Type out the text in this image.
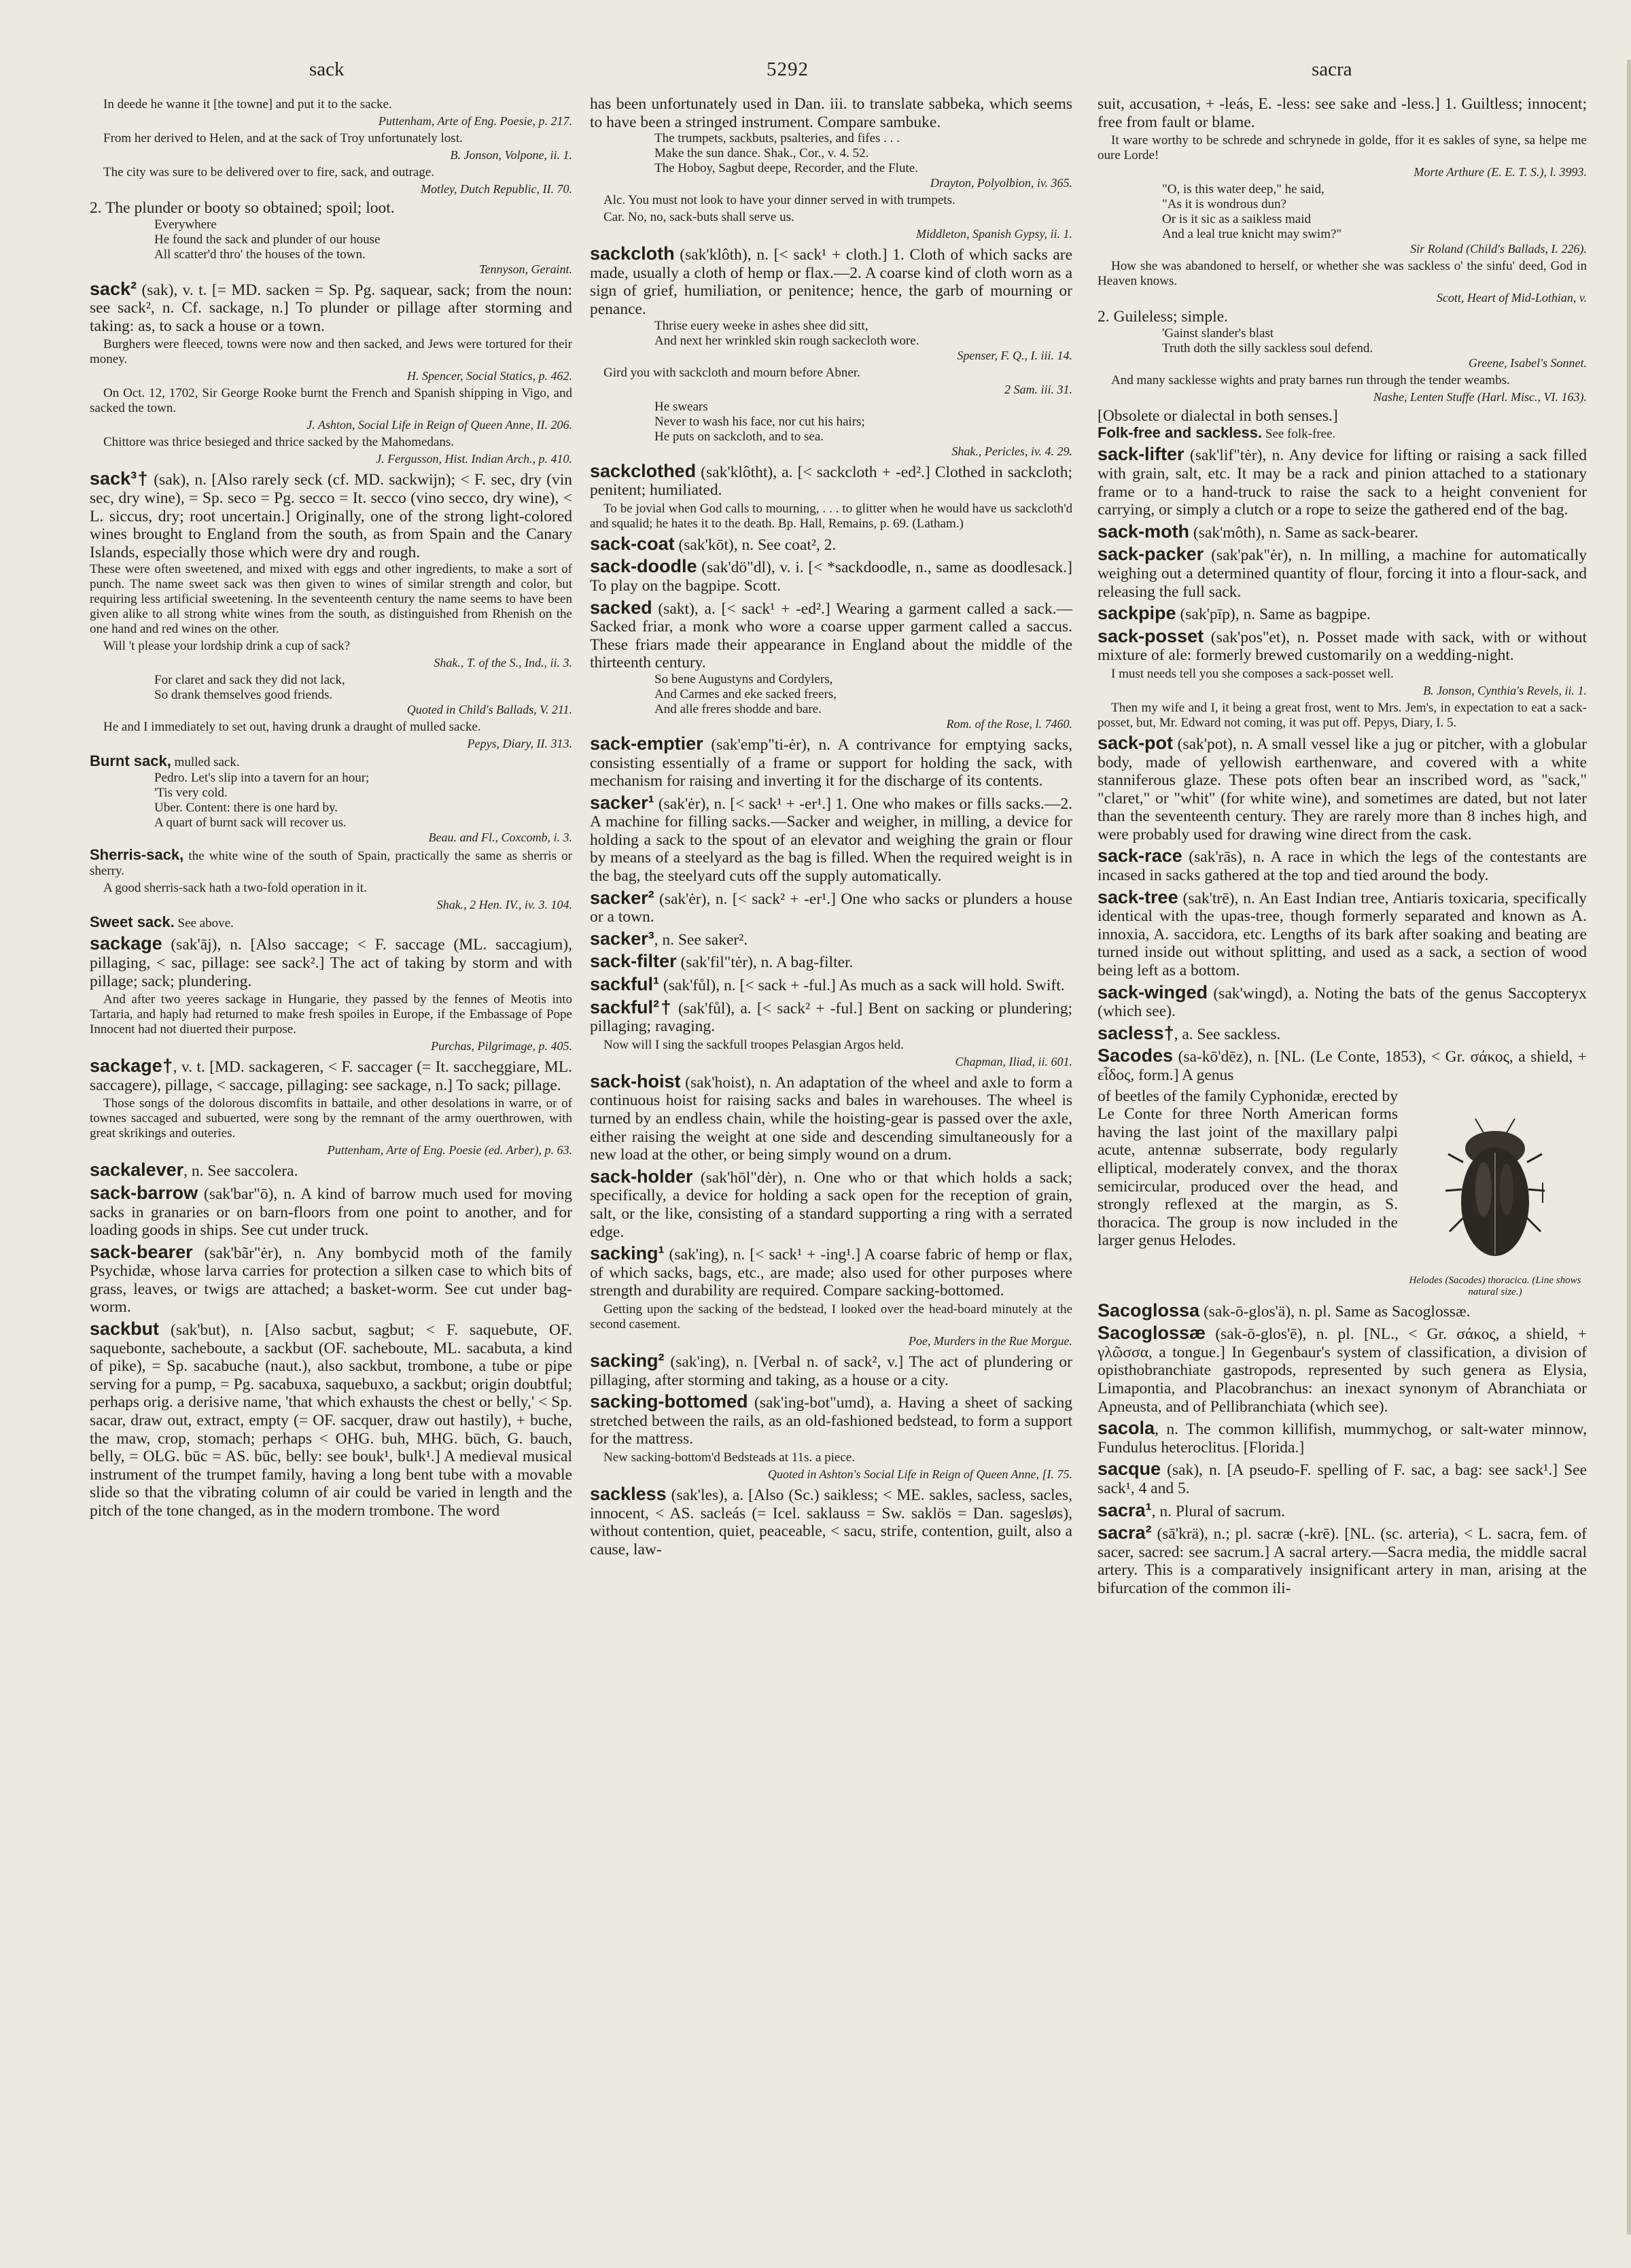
sack	5292	sacra
In deede he wanne it [the towne] and put it to the sacke.
Puttenham, Arte of Eng. Poesie, p. 217.
From her derived to Helen, and at the sack of Troy unfortunately lost.
B. Jonson, Volpone, ii. 1.
The city was sure to be delivered over to fire, sack, and outrage.
Motley, Dutch Republic, II. 70.
2. The plunder or booty so obtained; spoil; loot.
Everywhere
He found the sack and plunder of our house
All scatter'd thro' the houses of the town.
Tennyson, Geraint.
sack² (sak), v. t. [= MD. sacken = Sp. Pg. saquear, sack; from the noun: see sack², n. Cf. sackage, n.] To plunder or pillage after storming and taking: as, to sack a house or a town.
Burghers were fleeced, towns were now and then sacked, and Jews were tortured for their money.
H. Spencer, Social Statics, p. 462.
On Oct. 12, 1702, Sir George Rooke burnt the French and Spanish shipping in Vigo, and sacked the town.
J. Ashton, Social Life in Reign of Queen Anne, II. 206.
Chittore was thrice besieged and thrice sacked by the Mahomedans.
J. Fergusson, Hist. Indian Arch., p. 410.
sack³† (sak), n. [Also rarely seck (cf. MD. sackwijn); < F. sec, dry (vin sec, dry wine), = Sp. seco = Pg. secco = It. secco (vino secco, dry wine), < L. siccus, dry; root uncertain.] Originally, one of the strong light-colored wines brought to England from the south, as from Spain and the Canary Islands, especially those which were dry and rough.
These were often sweetened, and mixed with eggs and other ingredients, to make a sort of punch. The name sweet sack was then given to wines of similar strength and color, but requiring less artificial sweetening. In the seventeenth century the name seems to have been given alike to all strong white wines from the south, as distinguished from Rhenish on the one hand and red wines on the other.
Will 't please your lordship drink a cup of sack?
Shak., T. of the S., Ind., ii. 3.
For claret and sack they did not lack,
So drank themselves good friends.
Quoted in Child's Ballads, V. 211.
He and I immediately to set out, having drunk a draught of mulled sacke.
Pepys, Diary, II. 313.
Burnt sack, mulled sack.
Pedro. Let's slip into a tavern for an hour;
'Tis very cold.
Uber. Content: there is one hard by.
A quart of burnt sack will recover us.
Beau. and Fl., Coxcomb, i. 3.
Sherris-sack, the white wine of the south of Spain, practically the same as sherris or sherry.
A good sherris-sack hath a two-fold operation in it.
Shak., 2 Hen. IV., iv. 3. 104.
Sweet sack. See above.
sackage (sak'āj), n. [Also saccage; < F. saccage (ML. saccagium), pillaging, < sac, pillage: see sack².] The act of taking by storm and with pillage; sack; plundering.
And after two yeeres sackage in Hungarie, they passed by the fennes of Meotis into Tartaria, and haply had returned to make fresh spoiles in Europe, if the Embassage of Pope Innocent had not diuerted their purpose.
Purchas, Pilgrimage, p. 405.
sackage†, v. t. [MD. sackageren, < F. saccager (= It. saccheggiare, ML. saccagere), pillage, < saccage, pillaging: see sackage, n.] To sack; pillage.
Those songs of the dolorous discomfits in battaile, and other desolations in warre, or of townes saccaged and subuerted, were song by the remnant of the army ouerthrowen, with great skrikings and outeries.
Puttenham, Arte of Eng. Poesie (ed. Arber), p. 63.
sackalever, n. See saccolera.
sack-barrow (sak'bar"ō), n. A kind of barrow much used for moving sacks in granaries or on barn-floors from one point to another, and for loading goods in ships. See cut under truck.
sack-bearer (sak'bãr"ėr), n. Any bombycid moth of the family Psychidæ, whose larva carries for protection a silken case to which bits of grass, leaves, or twigs are attached; a basket-worm. See cut under bag-worm.
sackbut (sak'but), n. [Also sacbut, sagbut; < F. saquebute, OF. saquebonte, sacheboute, a sackbut (OF. sacheboute, ML. sacabuta, a kind of pike), = Sp. sacabuche (naut.), also sackbut, trombone, a tube or pipe serving for a pump, = Pg. sacabuxa, saquebuxo, a sackbut; origin doubtful; perhaps orig. a derisive name, 'that which exhausts the chest or belly,' < Sp. sacar, draw out, extract, empty (= OF. sacquer, draw out hastily), + buche, the maw, crop, stomach; perhaps < OHG. buh, MHG. būch, G. bauch, belly, = OLG. būc = AS. būc, belly: see bouk¹, bulk¹.] A medieval musical instrument of the trumpet family, having a long bent tube with a movable slide so that the vibrating column of air could be varied in length and the pitch of the tone changed, as in the modern trombone. The word
has been unfortunately used in Dan. iii. to translate sabbeka, which seems to have been a stringed instrument. Compare sambuke.
The trumpets, sackbuts, psalteries, and fifes . . .
Make the sun dance. Shak., Cor., v. 4. 52.
The Hoboy, Sagbut deepe, Recorder, and the Flute.
Drayton, Polyolbion, iv. 365.
Alc. You must not look to have your dinner served in with trumpets.
Car. No, no, sack-buts shall serve us.
Middleton, Spanish Gypsy, ii. 1.
sackcloth (sak'klôth), n. [< sack¹ + cloth.] 1. Cloth of which sacks are made, usually a cloth of hemp or flax.—2. A coarse kind of cloth worn as a sign of grief, humiliation, or penitence; hence, the garb of mourning or penance.
Thrise euery weeke in ashes shee did sitt,
And next her wrinkled skin rough sackecloth wore.
Spenser, F. Q., I. iii. 14.
Gird you with sackcloth and mourn before Abner.
2 Sam. iii. 31.
He swears
Never to wash his face, nor cut his hairs;
He puts on sackcloth, and to sea.
Shak., Pericles, iv. 4. 29.
sackclothed (sak'klôtht), a. [< sackcloth + -ed².] Clothed in sackcloth; penitent; humiliated.
To be jovial when God calls to mourning, . . . to glitter when he would have us sackcloth'd and squalid; he hates it to the death. Bp. Hall, Remains, p. 69. (Latham.)
sack-coat (sak'kōt), n. See coat², 2.
sack-doodle (sak'dö"dl), v. i. [< *sackdoodle, n., same as doodlesack.] To play on the bagpipe. Scott.
sacked (sakt), a. [< sack¹ + -ed².] Wearing a garment called a sack.—Sacked friar, a monk who wore a coarse upper garment called a saccus. These friars made their appearance in England about the middle of the thirteenth century.
So bene Augustyns and Cordylers,
And Carmes and eke sacked freers,
And alle freres shodde and bare.
Rom. of the Rose, l. 7460.
sack-emptier (sak'emp"ti-ėr), n. A contrivance for emptying sacks, consisting essentially of a frame or support for holding the sack, with mechanism for raising and inverting it for the discharge of its contents.
sacker¹ (sak'ėr), n. [< sack¹ + -er¹.] 1. One who makes or fills sacks.—2. A machine for filling sacks.—Sacker and weigher, in milling, a device for holding a sack to the spout of an elevator and weighing the grain or flour by means of a steelyard as the bag is filled. When the required weight is in the bag, the steelyard cuts off the supply automatically.
sacker² (sak'ėr), n. [< sack² + -er¹.] One who sacks or plunders a house or a town.
sacker³, n. See saker².
sack-filter (sak'fil"tėr), n. A bag-filter.
sackful¹ (sak'fůl), n. [< sack + -ful.] As much as a sack will hold. Swift.
sackful²† (sak'fůl), a. [< sack² + -ful.] Bent on sacking or plundering; pillaging; ravaging.
Now will I sing the sackfull troopes Pelasgian Argos held.
Chapman, Iliad, ii. 601.
sack-hoist (sak'hoist), n. An adaptation of the wheel and axle to form a continuous hoist for raising sacks and bales in warehouses. The wheel is turned by an endless chain, while the hoisting-gear is passed over the axle, either raising the weight at one side and descending simultaneously for a new load at the other, or being simply wound on a drum.
sack-holder (sak'hōl"dėr), n. One who or that which holds a sack; specifically, a device for holding a sack open for the reception of grain, salt, or the like, consisting of a standard supporting a ring with a serrated edge.
sacking¹ (sak'ing), n. [< sack¹ + -ing¹.] A coarse fabric of hemp or flax, of which sacks, bags, etc., are made; also used for other purposes where strength and durability are required. Compare sacking-bottomed.
Getting upon the sacking of the bedstead, I looked over the head-board minutely at the second casement.
Poe, Murders in the Rue Morgue.
sacking² (sak'ing), n. [Verbal n. of sack², v.] The act of plundering or pillaging, after storming and taking, as a house or a city.
sacking-bottomed (sak'ing-bot"umd), a. Having a sheet of sacking stretched between the rails, as an old-fashioned bedstead, to form a support for the mattress.
New sacking-bottom'd Bedsteads at 11s. a piece.
Quoted in Ashton's Social Life in Reign of Queen Anne, [I. 75.
sackless (sak'les), a. [Also (Sc.) saikless; < ME. sakles, sacless, sacles, innocent, < AS. sacleás (= Icel. saklauss = Sw. saklös = Dan. sagesløs), without contention, quiet, peaceable, < sacu, strife, contention, guilt, also a cause, law-
suit, accusation, + -leás, E. -less: see sake and -less.] 1. Guiltless; innocent; free from fault or blame.
It ware worthy to be schrede and schrynede in golde, ffor it es sakles of syne, sa helpe me oure Lorde!
Morte Arthure (E. E. T. S.), l. 3993.
"O, is this water deep," he said,
"As it is wondrous dun?
Or is it sic as a saikless maid
And a leal true knicht may swim?"
Sir Roland (Child's Ballads, I. 226).
How she was abandoned to herself, or whether she was sackless o' the sinfu' deed, God in Heaven knows.
Scott, Heart of Mid-Lothian, v.
2. Guileless; simple.
'Gainst slander's blast
Truth doth the silly sackless soul defend.
Greene, Isabel's Sonnet.
And many sacklesse wights and praty barnes run through the tender weambs.
Nashe, Lenten Stuffe (Harl. Misc., VI. 163).
[Obsolete or dialectal in both senses.]
Folk-free and sackless. See folk-free.
sack-lifter (sak'lif"tėr), n. Any device for lifting or raising a sack filled with grain, salt, etc. It may be a rack and pinion attached to a stationary frame or to a hand-truck to raise the sack to a height convenient for carrying, or simply a clutch or a rope to seize the gathered end of the bag.
sack-moth (sak'môth), n. Same as sack-bearer.
sack-packer (sak'pak"ėr), n. In milling, a machine for automatically weighing out a determined quantity of flour, forcing it into a flour-sack, and releasing the full sack.
sackpipe (sak'pīp), n. Same as bagpipe.
sack-posset (sak'pos"et), n. Posset made with sack, with or without mixture of ale: formerly brewed customarily on a wedding-night.
I must needs tell you she composes a sack-posset well.
B. Jonson, Cynthia's Revels, ii. 1.
Then my wife and I, it being a great frost, went to Mrs. Jem's, in expectation to eat a sack-posset, but, Mr. Edward not coming, it was put off. Pepys, Diary, I. 5.
sack-pot (sak'pot), n. A small vessel like a jug or pitcher, with a globular body, made of yellowish earthenware, and covered with a white stanniferous glaze. These pots often bear an inscribed word, as "sack," "claret," or "whit" (for white wine), and sometimes are dated, but not later than the seventeenth century. They are rarely more than 8 inches high, and were probably used for drawing wine direct from the cask.
sack-race (sak'rās), n. A race in which the legs of the contestants are incased in sacks gathered at the top and tied around the body.
sack-tree (sak'trē), n. An East Indian tree, Antiaris toxicaria, specifically identical with the upas-tree, though formerly separated and known as A. innoxia, A. saccidora, etc. Lengths of its bark after soaking and beating are turned inside out without splitting, and used as a sack, a section of wood being left as a bottom.
sack-winged (sak'wingd), a. Noting the bats of the genus Saccopteryx (which see).
sacless†, a. See sackless.
Sacodes (sa-kō'dēz), n. [NL. (Le Conte, 1853), < Gr. σάκος, a shield, + εἶδος, form.] A genus
of beetles of the family Cyphonidæ, erected by Le Conte for three North American forms having the last joint of the maxillary palpi acute, antennæ subserrate, body regularly elliptical, moderately convex, and the thorax semicircular, produced over the head, and strongly reflexed at the margin, as S. thoracica. The group is now included in the larger genus Helodes.
Helodes (Sacodes) thoracica. (Line shows natural size.)
Sacoglossa (sak-ō-glos'ä), n. pl. Same as Sacoglossæ.
Sacoglossæ (sak-ō-glos'ē), n. pl. [NL., < Gr. σάκος, a shield, + γλῶσσα, a tongue.] In Gegenbaur's system of classification, a division of opisthobranchiate gastropods, represented by such genera as Elysia, Limapontia, and Placobranchus: an inexact synonym of Abranchiata or Apneusta, and of Pellibranchiata (which see).
sacola, n. The common killifish, mummychog, or salt-water minnow, Fundulus heteroclitus. [Florida.]
sacque (sak), n. [A pseudo-F. spelling of F. sac, a bag: see sack¹.] See sack¹, 4 and 5.
sacra¹, n. Plural of sacrum.
sacra² (sā'krä), n.; pl. sacræ (-krē). [NL. (sc. arteria), < L. sacra, fem. of sacer, sacred: see sacrum.] A sacral artery.—Sacra media, the middle sacral artery. This is a comparatively insignificant artery in man, arising at the bifurcation of the common ili-
